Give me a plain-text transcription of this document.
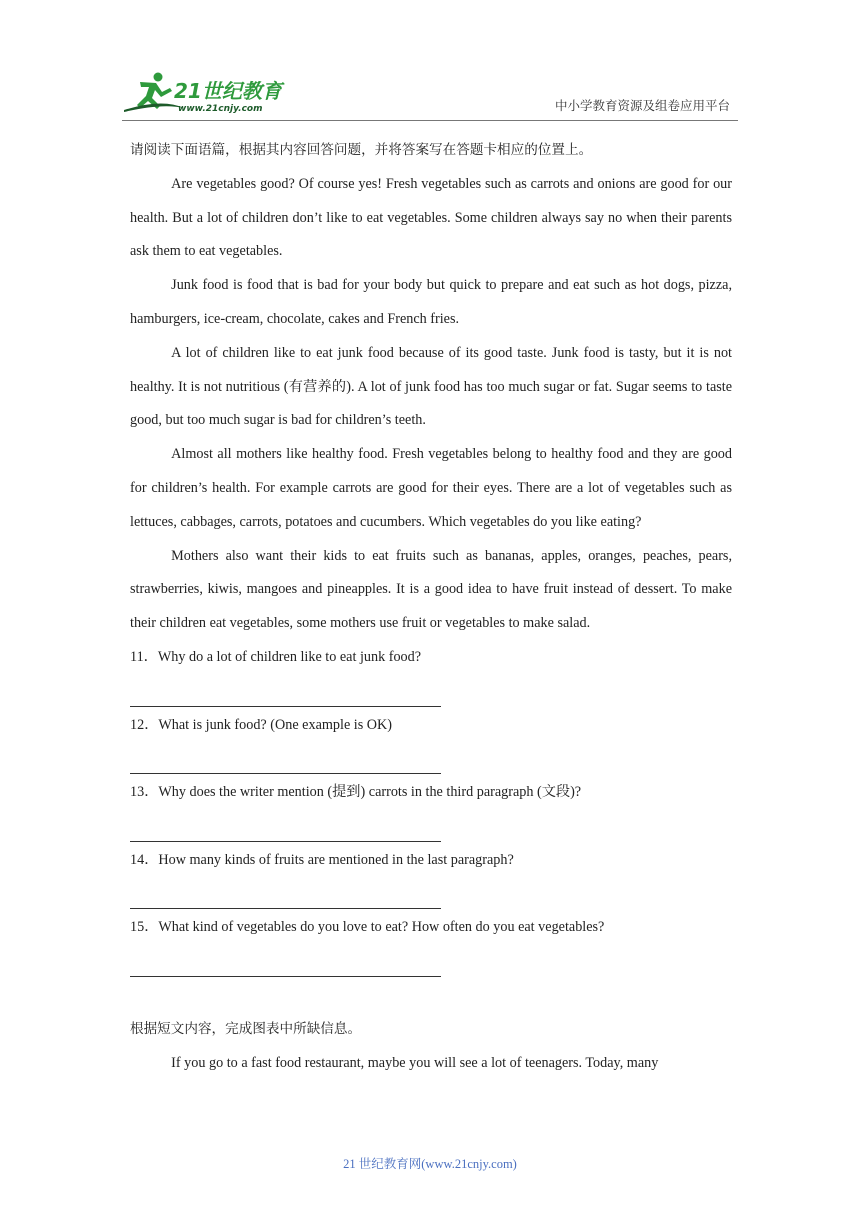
21世纪教育
www.21cnjy.com	中小学教育资源及组卷应用平台

请阅读下面语篇，根据其内容回答问题，并将答案写在答题卡相应的位置上。

Are vegetables good? Of course yes! Fresh vegetables such as carrots and onions are good for our health. But a lot of children don’t like to eat vegetables. Some children always say no when their parents ask them to eat vegetables.

Junk food is food that is bad for your body but quick to prepare and eat such as hot dogs, pizza, hamburgers, ice-cream, chocolate, cakes and French fries.

A lot of children like to eat junk food because of its good taste. Junk food is tasty, but it is not healthy. It is not nutritious (有营养的). A lot of junk food has too much sugar or fat. Sugar seems to taste good, but too much sugar is bad for children’s teeth.

Almost all mothers like healthy food. Fresh vegetables belong to healthy food and they are good for children’s health. For example carrots are good for their eyes. There are a lot of vegetables such as lettuces, cabbages, carrots, potatoes and cucumbers. Which vegetables do you like eating?

Mothers also want their kids to eat fruits such as bananas, apples, oranges, peaches, pears, strawberries, kiwis, mangoes and pineapples. It is a good idea to have fruit instead of dessert. To make their children eat vegetables, some mothers use fruit or vegetables to make salad.

11．Why do a lot of children like to eat junk food?

12．What is junk food? (One example is OK)

13．Why does the writer mention (提到) carrots in the third paragraph (文段)?

14．How many kinds of fruits are mentioned in the last paragraph?

15．What kind of vegetables do you love to eat? How often do you eat vegetables?

根据短文内容，完成图表中所缺信息。

If you go to a fast food restaurant, maybe you will see a lot of teenagers. Today, many

21 世纪教育网(www.21cnjy.com)
